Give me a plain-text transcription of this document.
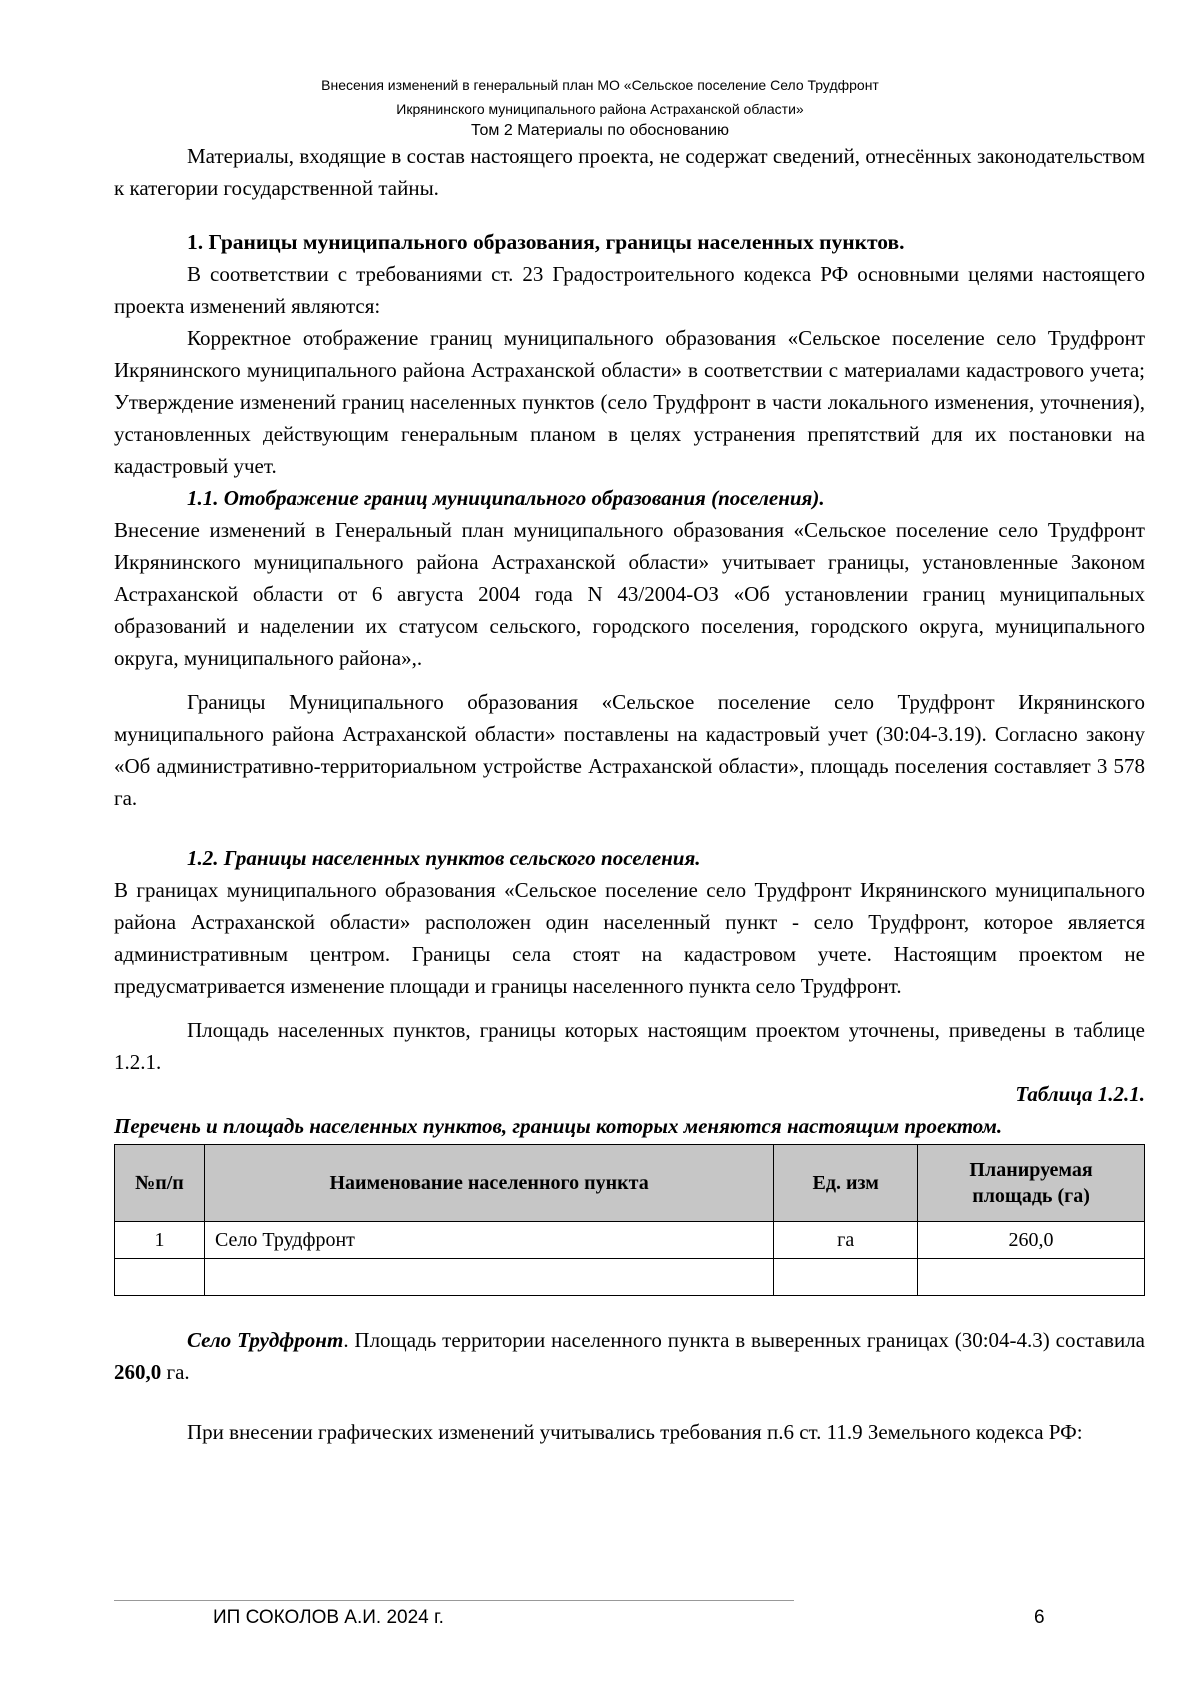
Внесения изменений в генеральный план МО «Сельское поселение Село Трудфронт
Икрянинского муниципального района Астраханской области»
Том 2 Материалы по обоснованию

Материалы, входящие в состав настоящего проекта, не содержат сведений, отнесённых законодательством к категории государственной тайны.

1. Границы муниципального образования, границы населенных пунктов.

В соответствии с требованиями ст. 23 Градостроительного кодекса РФ основными целями настоящего проекта изменений являются:

Корректное отображение границ муниципального образования «Сельское поселение село Трудфронт Икрянинского муниципального района Астраханской области» в соответствии с материалами кадастрового учета; Утверждение изменений границ населенных пунктов (село Трудфронт в части локального изменения, уточнения), установленных действующим генеральным планом в целях устранения препятствий для их постановки на кадастровый учет.

1.1. Отображение границ муниципального образования (поселения).

Внесение изменений в Генеральный план муниципального образования «Сельское поселение село Трудфронт Икрянинского муниципального района Астраханской области» учитывает границы, установленные Законом Астраханской области от 6 августа 2004 года N 43/2004-ОЗ «Об установлении границ муниципальных образований и наделении их статусом сельского, городского поселения, городского округа, муниципального округа, муниципального района»,.

Границы Муниципального образования «Сельское поселение село Трудфронт Икрянинского муниципального района Астраханской области» поставлены на кадастровый учет (30:04-3.19). Согласно закону «Об административно-территориальном устройстве Астраханской области», площадь поселения составляет 3 578 га.

1.2. Границы населенных пунктов сельского поселения.

В границах муниципального образования «Сельское поселение село Трудфронт Икрянинского муниципального района Астраханской области» расположен один населенный пункт - село Трудфронт, которое является административным центром. Границы села стоят на кадастровом учете. Настоящим проектом не предусматривается изменение площади и границы населенного пункта село Трудфронт.

Площадь населенных пунктов, границы которых настоящим проектом уточнены, приведены в таблице 1.2.1.

Таблица 1.2.1.

Перечень и площадь населенных пунктов, границы которых меняются настоящим проектом.

№п/п	Наименование населенного пункта	Ед. изм	Планируемая площадь (га)
1	Село Трудфронт	га	260,0

Село Трудфронт. Площадь территории населенного пункта в выверенных границах (30:04-4.3) составила 260,0 га.

При внесении графических изменений учитывались требования п.6 ст. 11.9 Земельного кодекса РФ:

ИП СОКОЛОВ А.И. 2024 г.	6
